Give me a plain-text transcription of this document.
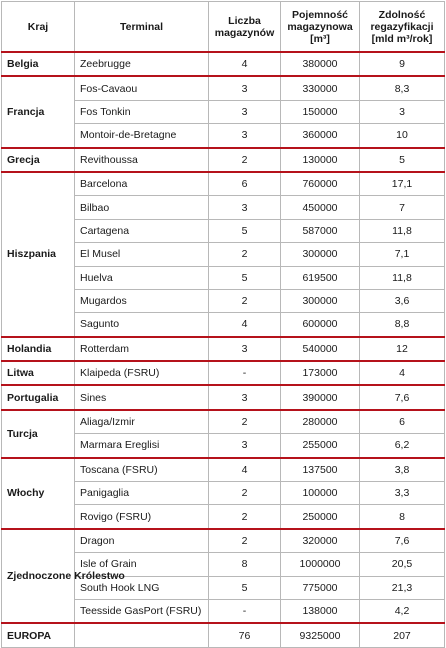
Kraj	Terminal	Liczba magazynów	Pojemność magazynowa [m³]	Zdolność regazyfikacji [mld m³/rok]
Belgia	Zeebrugge	4	380000	9
Francja	Fos-Cavaou	3	330000	8,3
	Fos Tonkin	3	150000	3
	Montoir-de-Bretagne	3	360000	10
Grecja	Revithoussa	2	130000	5
Hiszpania	Barcelona	6	760000	17,1
	Bilbao	3	450000	7
	Cartagena	5	587000	11,8
	El Musel	2	300000	7,1
	Huelva	5	619500	11,8
	Mugardos	2	300000	3,6
	Sagunto	4	600000	8,8
Holandia	Rotterdam	3	540000	12
Litwa	Klaipeda (FSRU)	-	173000	4
Portugalia	Sines	3	390000	7,6
Turcja	Aliaga/Izmir	2	280000	6
	Marmara Ereglisi	3	255000	6,2
Włochy	Toscana (FSRU)	4	137500	3,8
	Panigaglia	2	100000	3,3
	Rovigo (FSRU)	2	250000	8
Zjednoczone Królestwo	Dragon	2	320000	7,6
	Isle of Grain	8	1000000	20,5
	South Hook LNG	5	775000	21,3
	Teesside GasPort (FSRU)	-	138000	4,2
EUROPA		76	9325000	207
